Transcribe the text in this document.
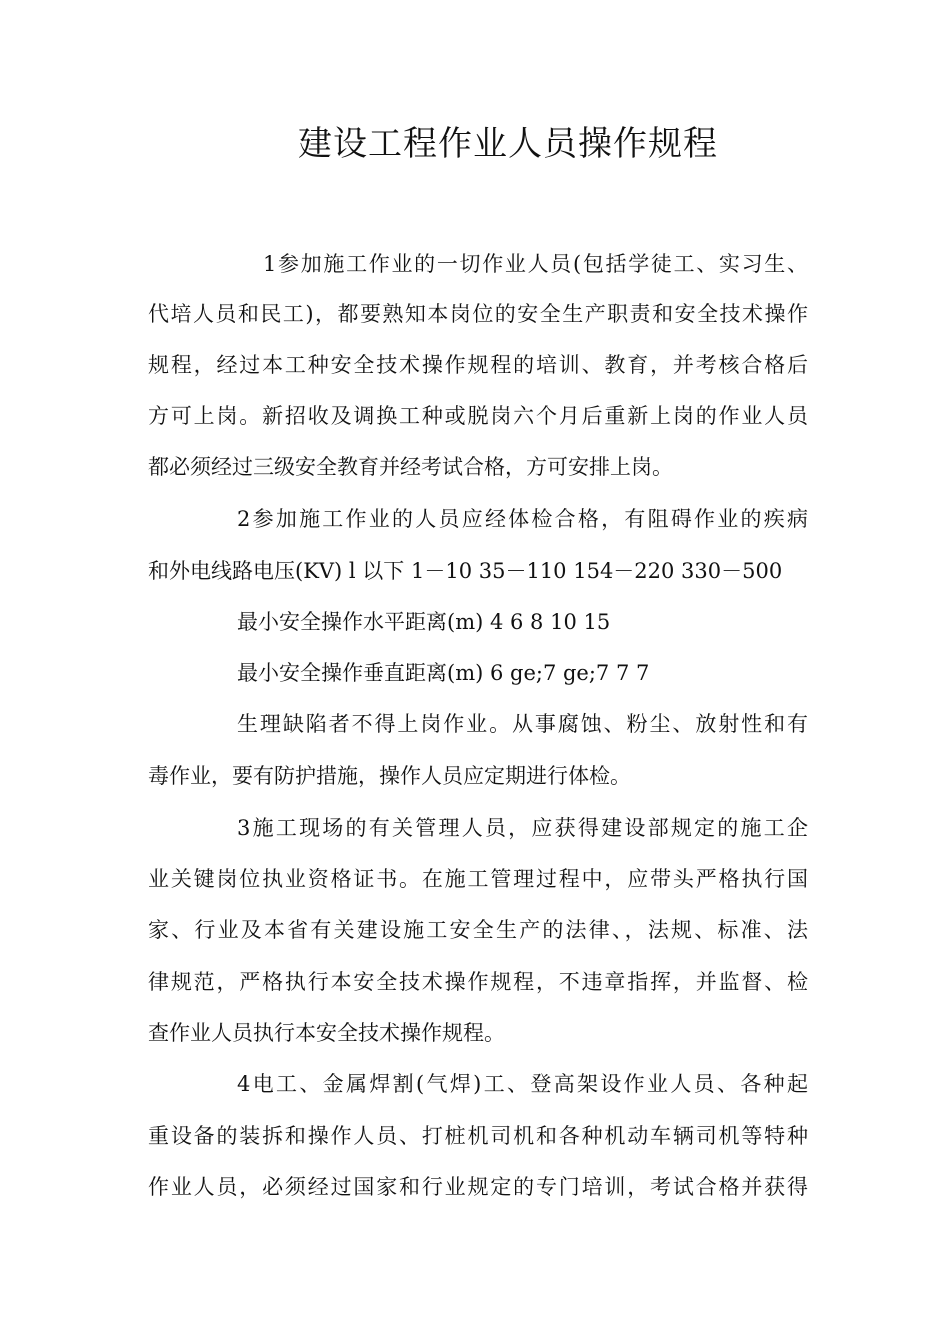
建设工程作业人员操作规程

1参加施工作业的一切作业人员(包括学徒工、实习生、

代培人员和民工)，都要熟知本岗位的安全生产职责和安全技术操作

规程，经过本工种安全技术操作规程的培训、教育，并考核合格后

方可上岗。新招收及调换工种或脱岗六个月后重新上岗的作业人员

都必须经过三级安全教育并经考试合格，方可安排上岗。

2参加施工作业的人员应经体检合格，有阻碍作业的疾病

和外电线路电压(KV) l 以下 1－10 35－110 154－220 330－500

最小安全操作水平距离(m) 4 6 8 10 15

最小安全操作垂直距离(m) 6 ge;7 ge;7 7 7

生理缺陷者不得上岗作业。从事腐蚀、粉尘、放射性和有

毒作业，要有防护措施，操作人员应定期进行体检。

3施工现场的有关管理人员，应获得建设部规定的施工企

业关键岗位执业资格证书。在施工管理过程中，应带头严格执行国

家、行业及本省有关建设施工安全生产的法律、，法规、标准、法

律规范，严格执行本安全技术操作规程，不违章指挥，并监督、检

查作业人员执行本安全技术操作规程。

4电工、金属焊割(气焊)工、登高架设作业人员、各种起

重设备的装拆和操作人员、打桩机司机和各种机动车辆司机等特种

作业人员，必须经过国家和行业规定的专门培训，考试合格并获得
